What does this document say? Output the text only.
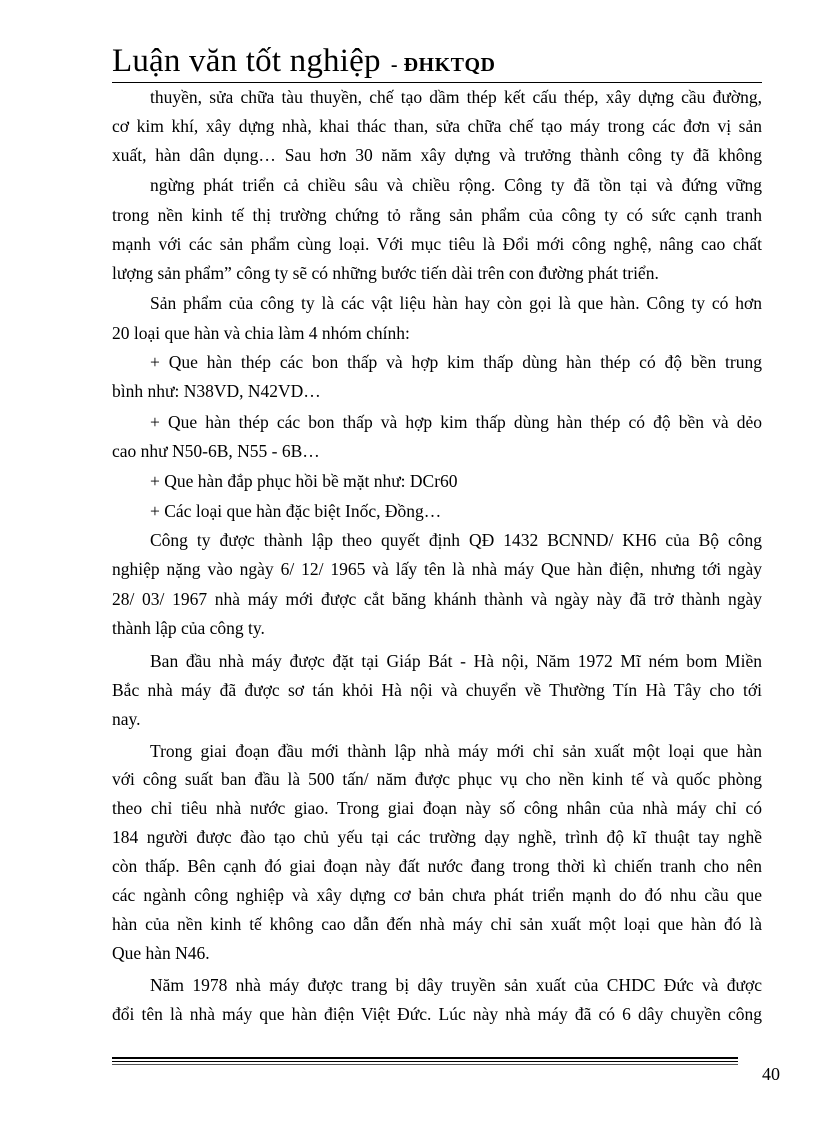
Luận văn tốt nghiệp - ĐHKTQD
thuyền, sửa chữa tàu thuyền, chế tạo dầm thép kết cấu thép, xây dựng cầu đường,
cơ kim khí, xây dựng nhà, khai thác than, sửa chữa chế tạo máy trong các đơn vị sản
xuất, hàn dân dụng… Sau hơn 30 năm xây dựng và trưởng thành công ty đã không
ngừng phát triển cả chiều sâu và chiều rộng. Công ty đã tồn tại và đứng vững
trong nền kinh tế thị trường chứng tỏ rằng sản phẩm của công ty có sức cạnh tranh
mạnh với các sản phẩm cùng loại. Với mục tiêu là Đổi mới công nghệ, nâng cao chất
lượng sản phẩm” công ty sẽ có những bước tiến dài trên con đường phát triển.
Sản phẩm của công ty là các vật liệu hàn hay còn gọi là que hàn. Công ty có hơn
20 loại que hàn và chia làm 4 nhóm chính:
+ Que hàn thép các bon thấp và hợp kim thấp dùng hàn thép có độ bền trung
bình như: N38VD, N42VD…
+ Que hàn thép các bon thấp và hợp kim thấp dùng hàn thép có độ bền và dẻo
cao như N50-6B, N55 - 6B…
+ Que hàn đắp phục hồi bề mặt như: DCr60
+ Các loại que hàn đặc biệt Inốc, Đồng…
Công ty được thành lập theo quyết định QĐ 1432 BCNND/ KH6 của Bộ công
nghiệp nặng vào ngày 6/ 12/ 1965 và lấy tên là nhà máy Que hàn điện, nhưng tới ngày
28/ 03/ 1967 nhà máy mới được cắt băng khánh thành và ngày này đã trở thành ngày
thành lập của công ty.
Ban đầu nhà máy được đặt tại Giáp Bát - Hà nội, Năm 1972 Mĩ ném bom Miền
Bắc nhà máy đã được sơ tán khỏi Hà nội và chuyển về Thường Tín Hà Tây cho tới
nay.
Trong giai đoạn đầu mới thành lập nhà máy mới chỉ sản xuất một loại que hàn
với công suất ban đầu là 500 tấn/ năm được phục vụ cho nền kinh tế và quốc phòng
theo chỉ tiêu nhà nước giao. Trong giai đoạn này số công nhân của nhà máy chỉ có
184 người được đào tạo chủ yếu tại các trường dạy nghề, trình độ kĩ thuật tay nghề
còn thấp. Bên cạnh đó giai đoạn này đất nước đang trong thời kì chiến tranh cho nên
các ngành công nghiệp và xây dựng cơ bản chưa phát triển mạnh do đó nhu cầu que
hàn của nền kinh tế không cao dẫn đến nhà máy chỉ sản xuất một loại que hàn đó là
Que hàn N46.
Năm 1978 nhà máy được trang bị dây truyền sản xuất của CHDC Đức và được
đổi tên là nhà máy que hàn điện Việt Đức. Lúc này nhà máy đã có 6 dây chuyền công
40
